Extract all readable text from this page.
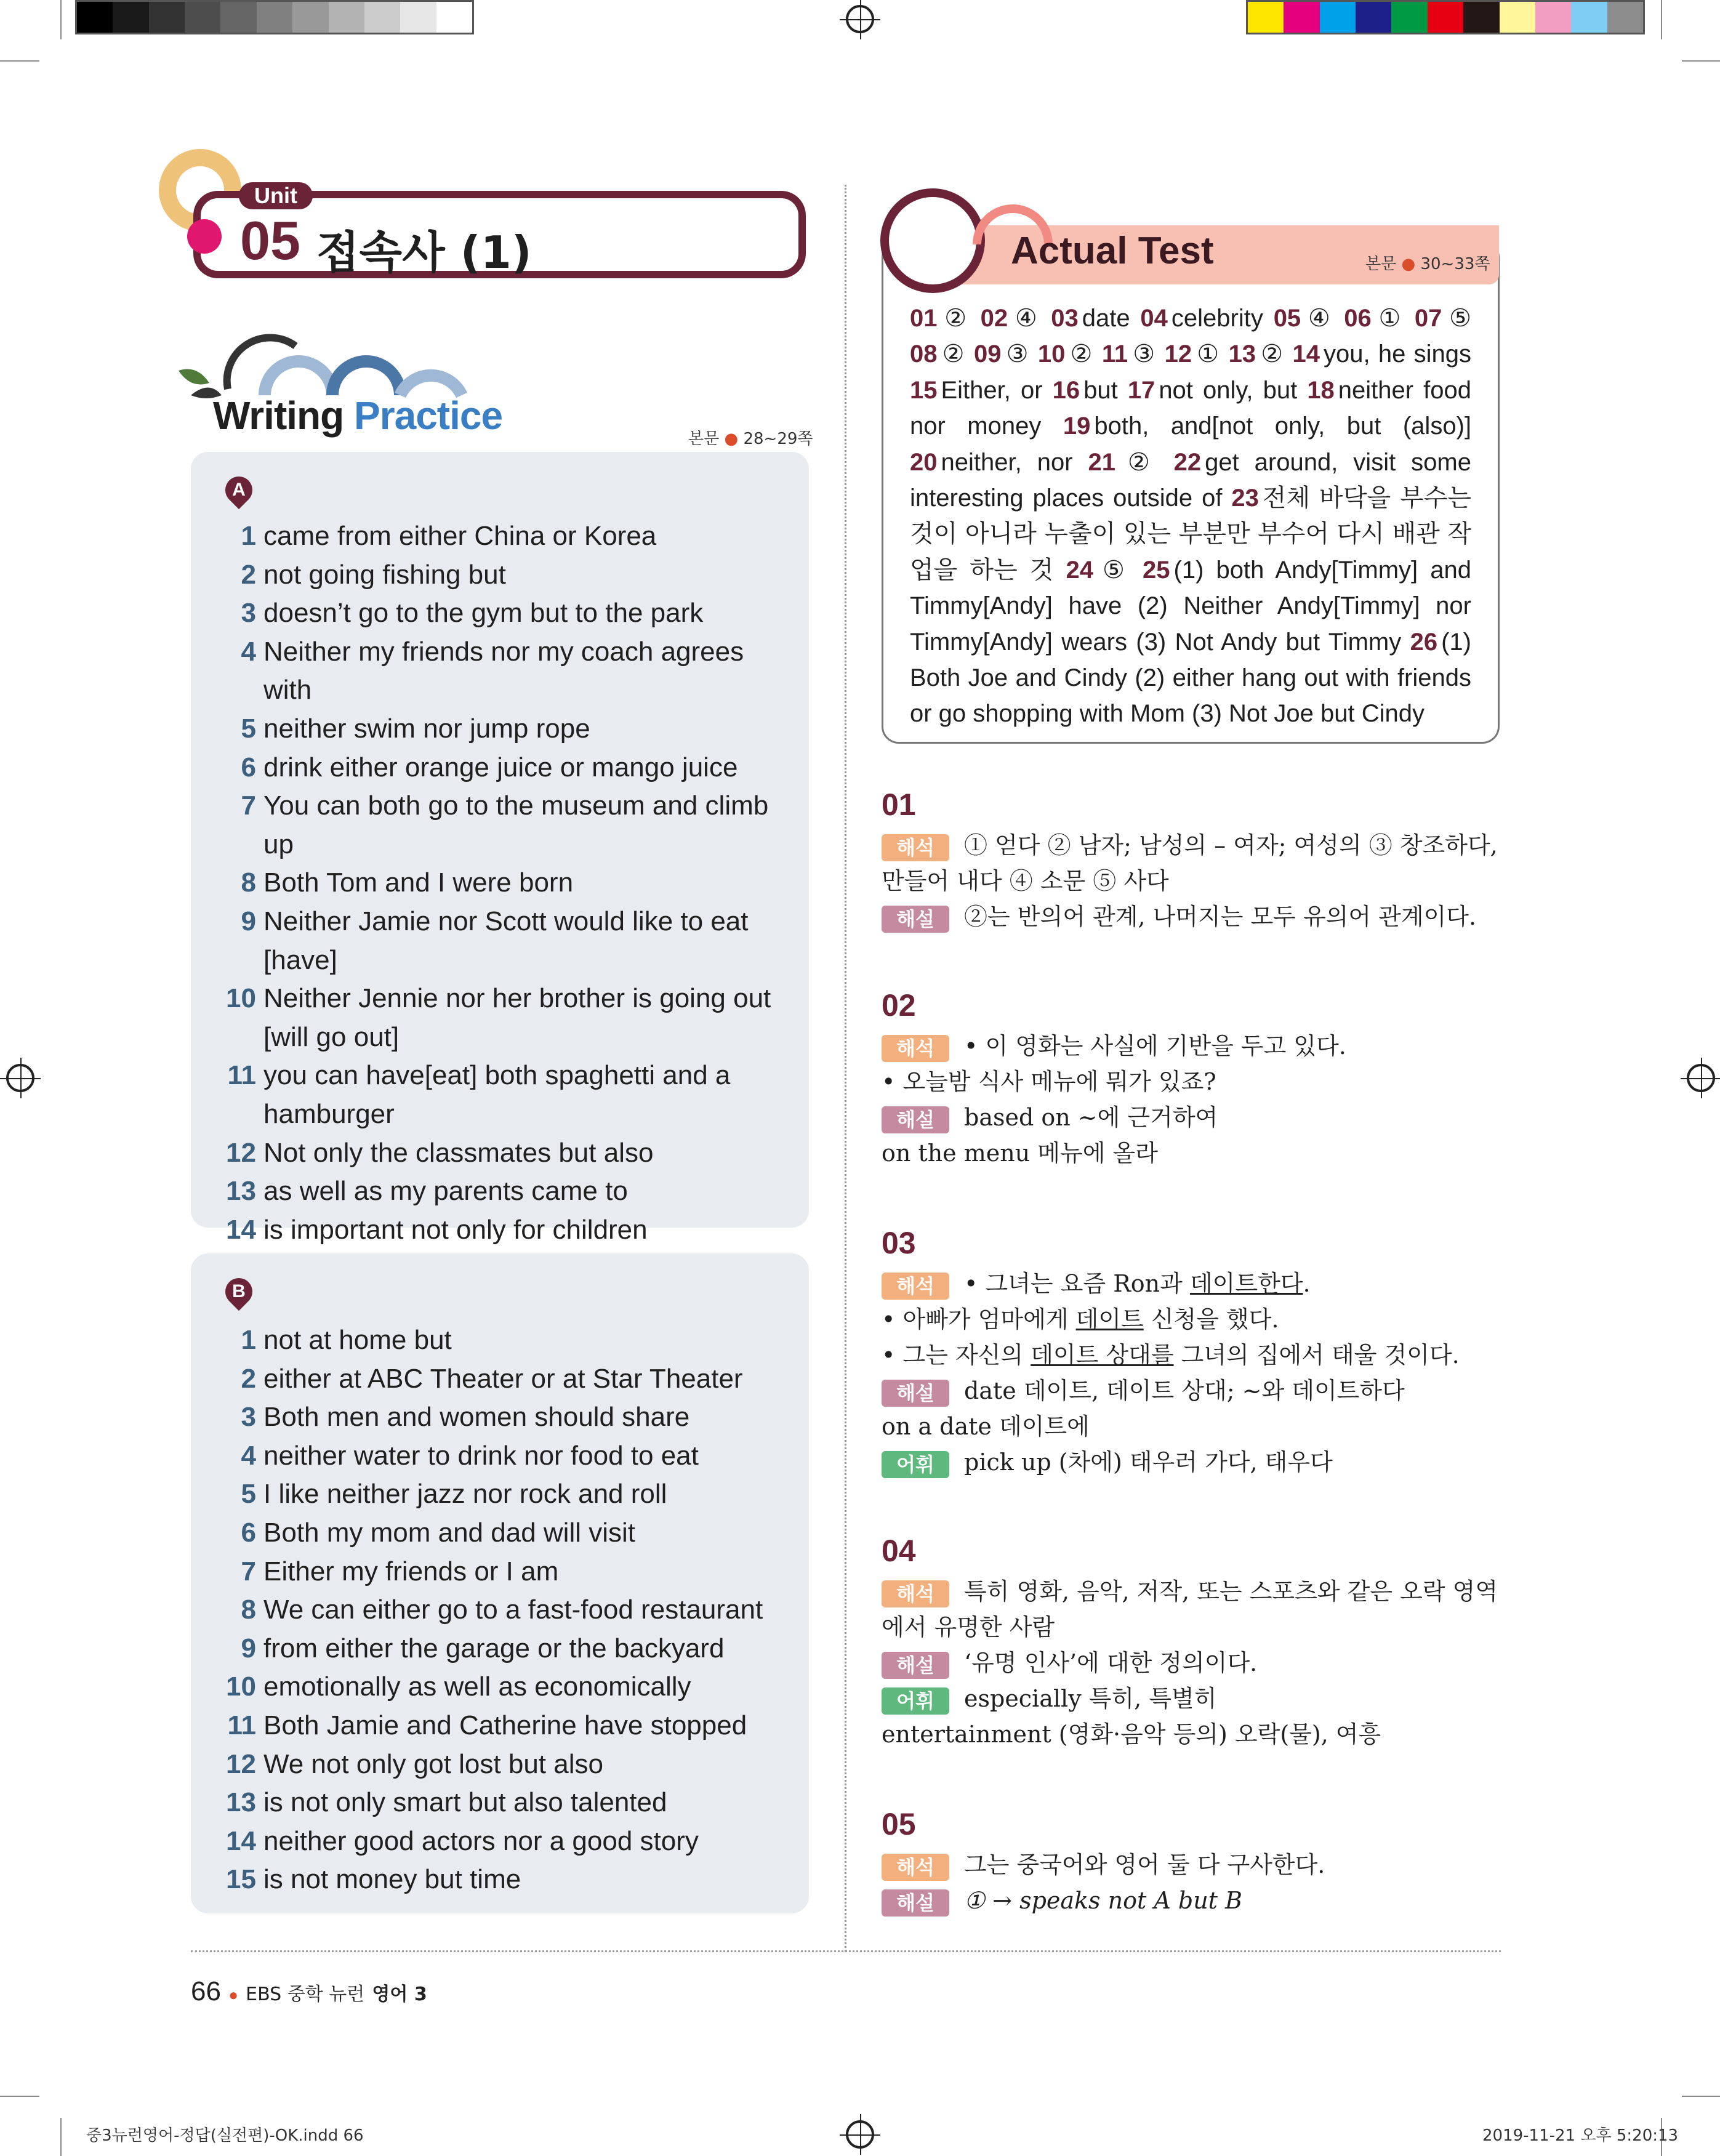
Unit
05 접속사 (1)
Writing Practice
본문 ● 28~29쪽
A
1 came from either China or Korea
2 not going fishing but
3 doesn’t go to the gym but to the park
4 Neither my friends nor my coach agrees with
5 neither swim nor jump rope
6 drink either orange juice or mango juice
7 You can both go to the museum and climb up
8 Both Tom and I were born
9 Neither Jamie nor Scott would like to eat [have]
10 Neither Jennie nor her brother is going out [will go out]
11 you can have[eat] both spaghetti and a hamburger
12 Not only the classmates but also
13 as well as my parents came to
14 is important not only for children
B
1 not at home but
2 either at ABC Theater or at Star Theater
3 Both men and women should share
4 neither water to drink nor food to eat
5 I like neither jazz nor rock and roll
6 Both my mom and dad will visit
7 Either my friends or I am
8 We can either go to a fast-food restaurant
9 from either the garage or the backyard
10 emotionally as well as economically
11 Both Jamie and Catherine have stopped
12 We not only got lost but also
13 is not only smart but also talented
14 neither good actors nor a good story
15 is not money but time
Actual Test	본문 ● 30~33쪽
01 ② 02 ④ 03 date 04 celebrity 05 ④ 06 ① 07 ⑤ 08 ② 09 ③ 10 ② 11 ③ 12 ① 13 ② 14 you, he sings 15 Either, or 16 but 17 not only, but 18 neither food nor money 19 both, and[not only, but (also)] 20 neither, nor 21 ② 22 get around, visit some interesting places outside of 23 전체 바닥을 부수는 것이 아니라 누출이 있는 부분만 부수어 다시 배관 작업을 하는 것 24 ⑤ 25 (1) both Andy[Timmy] and Timmy[Andy] have (2) Neither Andy[Timmy] nor Timmy[Andy] wears (3) Not Andy but Timmy 26 (1) Both Joe and Cindy (2) either hang out with friends or go shopping with Mom (3) Not Joe but Cindy
01
해석 ① 얻다 ② 남자; 남성의 – 여자; 여성의 ③ 창조하다, 만들어 내다 ④ 소문 ⑤ 사다
해설 ②는 반의어 관계, 나머지는 모두 유의어 관계이다.
02
해석 • 이 영화는 사실에 기반을 두고 있다.
• 오늘밤 식사 메뉴에 뭐가 있죠?
해설 based on ~에 근거하여
on the menu 메뉴에 올라
03
해석 • 그녀는 요즘 Ron과 데이트한다.
• 아빠가 엄마에게 데이트 신청을 했다.
• 그는 자신의 데이트 상대를 그녀의 집에서 태울 것이다.
해설 date 데이트, 데이트 상대; ~와 데이트하다
on a date 데이트에
어휘 pick up (차에) 태우러 가다, 태우다
04
해석 특히 영화, 음악, 저작, 또는 스포츠와 같은 오락 영역에서 유명한 사람
해설 ‘유명 인사’에 대한 정의이다.
어휘 especially 특히, 특별히
entertainment (영화·음악 등의) 오락(물), 여흥
05
해석 그는 중국어와 영어 둘 다 구사한다.
해설 ① → speaks not A but B
66 ● EBS 중학 뉴런 영어 3
중3뉴런영어-정답(실전편)-OK.indd 66	2019-11-21 오후 5:20:13
